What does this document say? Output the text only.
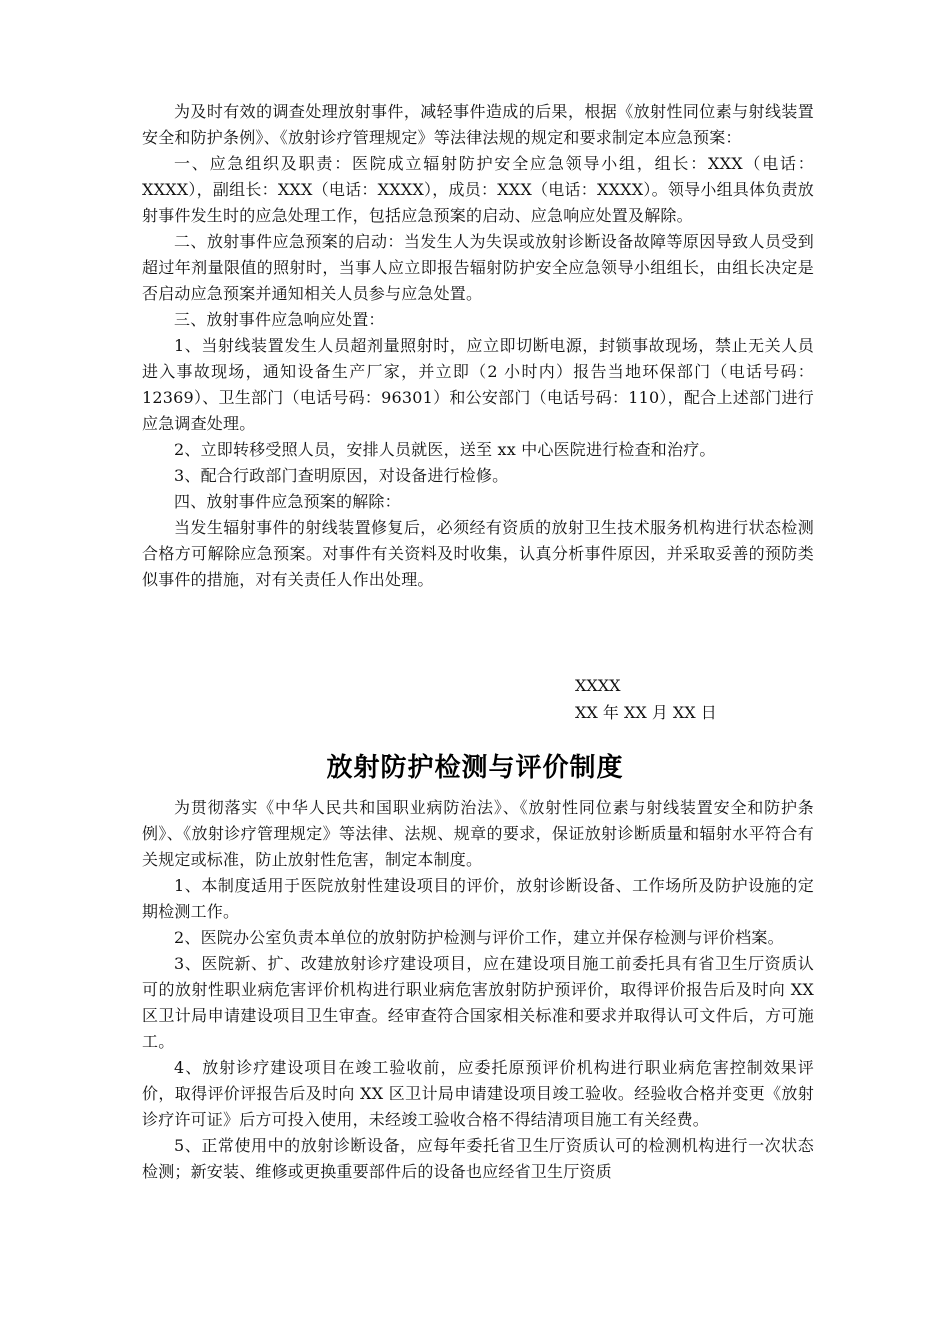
为及时有效的调查处理放射事件，减轻事件造成的后果，根据《放射性同位素与射线装置安全和防护条例》、《放射诊疗管理规定》等法律法规的规定和要求制定本应急预案：

一、应急组织及职责：医院成立辐射防护安全应急领导小组，组长：XXX（电话：XXXX），副组长：XXX（电话：XXXX），成员：XXX（电话：XXXX）。领导小组具体负责放射事件发生时的应急处理工作，包括应急预案的启动、应急响应处置及解除。

二、放射事件应急预案的启动：当发生人为失误或放射诊断设备故障等原因导致人员受到超过年剂量限值的照射时，当事人应立即报告辐射防护安全应急领导小组组长，由组长决定是否启动应急预案并通知相关人员参与应急处置。

三、放射事件应急响应处置：

1、当射线装置发生人员超剂量照射时，应立即切断电源，封锁事故现场，禁止无关人员进入事故现场，通知设备生产厂家，并立即（2 小时内）报告当地环保部门（电话号码：12369）、卫生部门（电话号码：96301）和公安部门（电话号码：110），配合上述部门进行应急调查处理。

2、立即转移受照人员，安排人员就医，送至 xx 中心医院进行检查和治疗。

3、配合行政部门查明原因，对设备进行检修。

四、放射事件应急预案的解除：

当发生辐射事件的射线装置修复后，必须经有资质的放射卫生技术服务机构进行状态检测合格方可解除应急预案。对事件有关资料及时收集，认真分析事件原因，并采取妥善的预防类似事件的措施，对有关责任人作出处理。

XXXX
XX 年 XX 月 XX 日
放射防护检测与评价制度

为贯彻落实《中华人民共和国职业病防治法》、《放射性同位素与射线装置安全和防护条例》、《放射诊疗管理规定》等法律、法规、规章的要求，保证放射诊断质量和辐射水平符合有关规定或标准，防止放射性危害，制定本制度。

1、本制度适用于医院放射性建设项目的评价，放射诊断设备、工作场所及防护设施的定期检测工作。

2、医院办公室负责本单位的放射防护检测与评价工作，建立并保存检测与评价档案。

3、医院新、扩、改建放射诊疗建设项目，应在建设项目施工前委托具有省卫生厅资质认可的放射性职业病危害评价机构进行职业病危害放射防护预评价，取得评价报告后及时向 XX 区卫计局申请建设项目卫生审查。经审查符合国家相关标准和要求并取得认可文件后，方可施工。

4、放射诊疗建设项目在竣工验收前，应委托原预评价机构进行职业病危害控制效果评价，取得评价评报告后及时向 XX 区卫计局申请建设项目竣工验收。经验收合格并变更《放射诊疗许可证》后方可投入使用，未经竣工验收合格不得结清项目施工有关经费。

5、正常使用中的放射诊断设备，应每年委托省卫生厅资质认可的检测机构进行一次状态检测；新安装、维修或更换重要部件后的设备也应经省卫生厅资质
